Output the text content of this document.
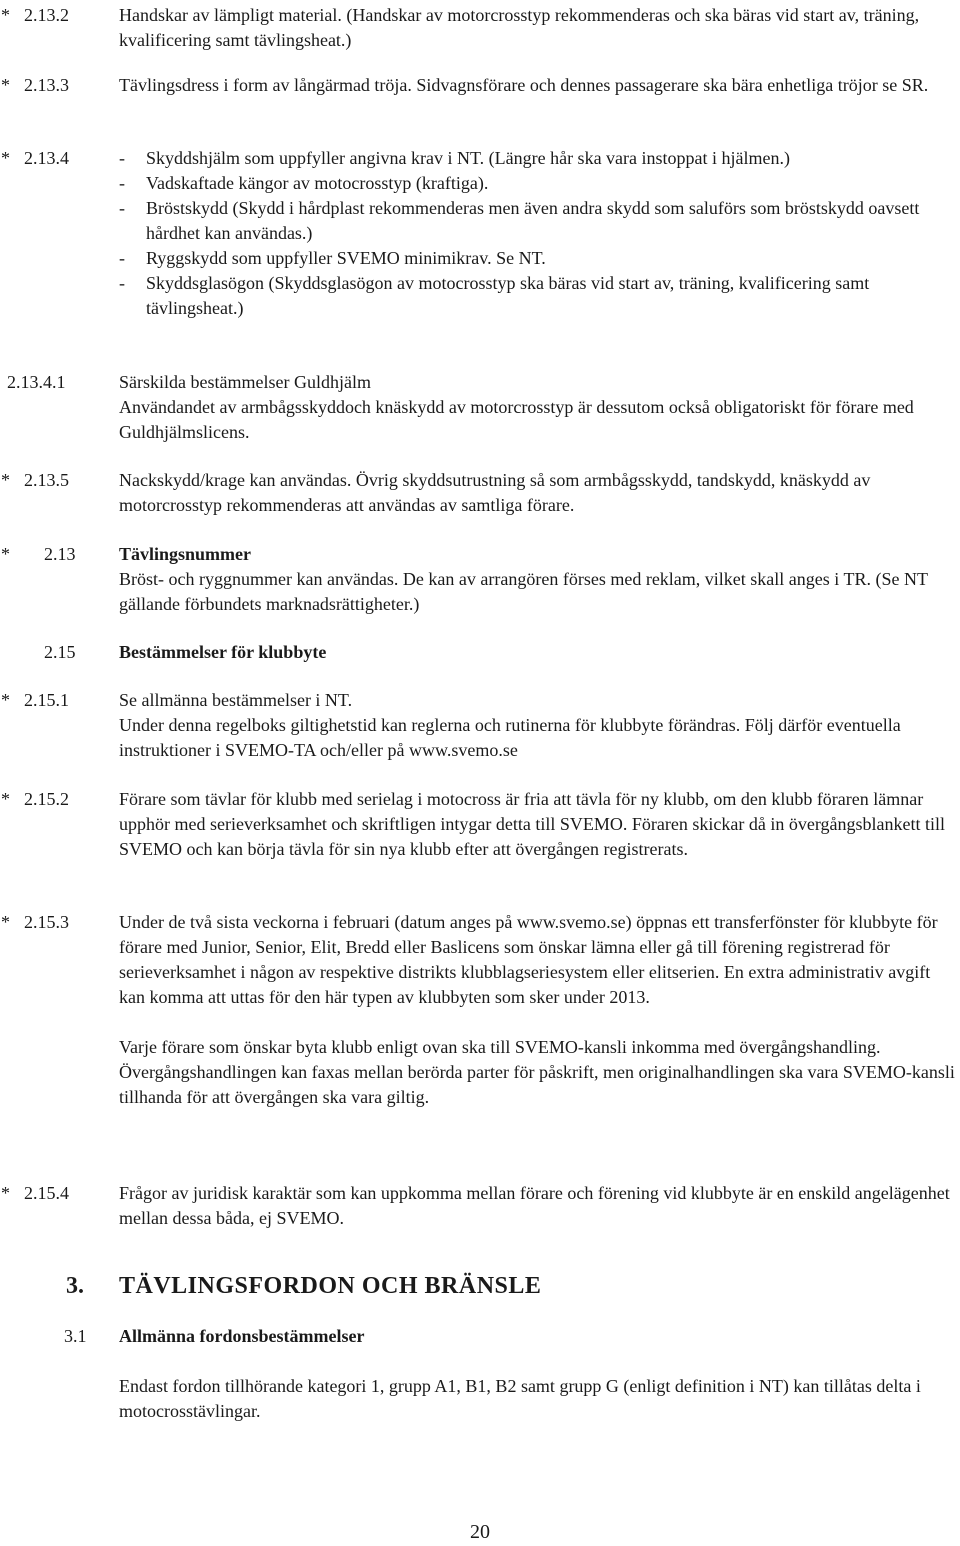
* 2.13.2	Handskar av lämpligt material. (Handskar av motorcrosstyp rekommenderas och ska bäras vid start av, träning, kvalificering samt tävlingsheat.)

* 2.13.3	Tävlingsdress i form av långärmad tröja. Sidvagnsförare och dennes passagerare ska bära enhetliga tröjor se SR.

* 2.13.4	- Skyddshjälm som uppfyller angivna krav i NT. (Längre hår ska vara instoppat i hjälmen.)
- Vadskaftade kängor av motocrosstyp (kraftiga).
- Bröstskydd (Skydd i hårdplast rekommenderas men även andra skydd som saluförs som bröstskydd oavsett hårdhet kan användas.)
- Ryggskydd som uppfyller SVEMO minimikrav. Se NT.
- Skyddsglasögon (Skyddsglasögon av motocrosstyp ska bäras vid start av, träning, kvalificering samt tävlingsheat.)
2.13.4.1	Särskilda bestämmelser Guldhjälm

Användandet av armbågsskyddoch knäskydd av motorcrosstyp är dessutom också obligatoriskt för förare med Guldhjälmslicens.

* 2.13.5	Nackskydd/krage kan användas. Övrig skyddsutrustning så som armbågsskydd, tandskydd, knäskydd av motorcrosstyp rekommenderas att användas av samtliga förare.

* 2.13 Tävlingsnummer

Bröst- och ryggnummer kan användas. De kan av arrangören förses med reklam, vilket skall anges i TR. (Se NT gällande förbundets marknadsrättigheter.)

2.15 Bestämmelser för klubbyte

* 2.15.1	Se allmänna bestämmelser i NT.

Under denna regelboks giltighetstid kan reglerna och rutinerna för klubbyte förändras. Följ därför eventuella instruktioner i SVEMO-TA och/eller på www.svemo.se

* 2.15.2	Förare som tävlar för klubb med serielag i motocross är fria att tävla för ny klubb, om den klubb föraren lämnar upphör med serieverksamhet och skriftligen intygar detta till SVEMO. Föraren skickar då in övergångsblankett till SVEMO och kan börja tävla för sin nya klubb efter att övergången registrerats.

* 2.15.3	Under de två sista veckorna i februari (datum anges på www.svemo.se) öppnas ett transferfönster för klubbyte för förare med Junior, Senior, Elit, Bredd eller Baslicens som önskar lämna eller gå till förening registrerad för serieverksamhet i någon av respektive distrikts klubblagseriesystem eller elitserien. En extra administrativ avgift kan komma att uttas för den här typen av klubbyten som sker under 2013.

Varje förare som önskar byta klubb enligt ovan ska till SVEMO-kansli inkomma med övergångshandling. Övergångshandlingen kan faxas mellan berörda parter för påskrift, men originalhandlingen ska vara SVEMO-kansli tillhanda för att övergången ska vara giltig.

* 2.15.4	Frågor av juridisk karaktär som kan uppkomma mellan förare och förening vid klubbyte är en enskild angelägenhet mellan dessa båda, ej SVEMO.

3. TÄVLINGSFORDON OCH BRÄNSLE
3.1 Allmänna fordonsbestämmelser

Endast fordon tillhörande kategori 1, grupp A1, B1, B2 samt grupp G (enligt definition i NT) kan tillåtas delta i motocrosstävlingar.

20
